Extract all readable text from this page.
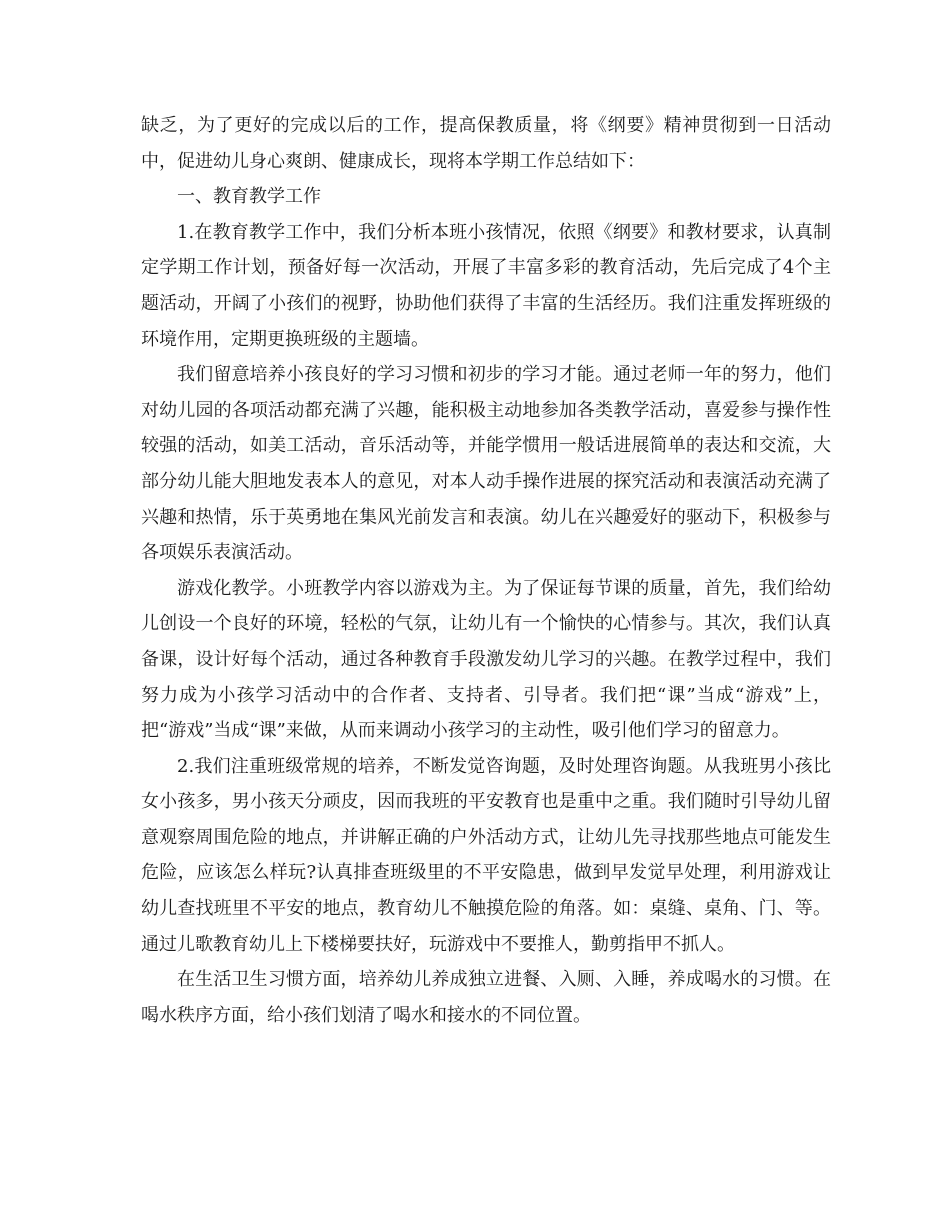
缺乏，为了更好的完成以后的工作，提高保教质量，将《纲要》精神贯彻到一日活动中，促进幼儿身心爽朗、健康成长，现将本学期工作总结如下：

一、教育教学工作

1.在教育教学工作中，我们分析本班小孩情况，依照《纲要》和教材要求，认真制定学期工作计划，预备好每一次活动，开展了丰富多彩的教育活动，先后完成了4个主题活动，开阔了小孩们的视野，协助他们获得了丰富的生活经历。我们注重发挥班级的环境作用，定期更换班级的主题墙。

我们留意培养小孩良好的学习习惯和初步的学习才能。通过老师一年的努力，他们对幼儿园的各项活动都充满了兴趣，能积极主动地参加各类教学活动，喜爱参与操作性较强的活动，如美工活动，音乐活动等，并能学惯用一般话进展简单的表达和交流，大部分幼儿能大胆地发表本人的意见，对本人动手操作进展的探究活动和表演活动充满了兴趣和热情，乐于英勇地在集风光前发言和表演。幼儿在兴趣爱好的驱动下，积极参与各项娱乐表演活动。

游戏化教学。小班教学内容以游戏为主。为了保证每节课的质量，首先，我们给幼儿创设一个良好的环境，轻松的气氛，让幼儿有一个愉快的心情参与。其次，我们认真备课，设计好每个活动，通过各种教育手段激发幼儿学习的兴趣。在教学过程中，我们努力成为小孩学习活动中的合作者、支持者、引导者。我们把“课”当成“游戏”上，把“游戏”当成“课”来做，从而来调动小孩学习的主动性，吸引他们学习的留意力。

2.我们注重班级常规的培养，不断发觉咨询题，及时处理咨询题。从我班男小孩比女小孩多，男小孩天分顽皮，因而我班的平安教育也是重中之重。我们随时引导幼儿留意观察周围危险的地点，并讲解正确的户外活动方式，让幼儿先寻找那些地点可能发生危险，应该怎么样玩?认真排查班级里的不平安隐患，做到早发觉早处理，利用游戏让幼儿查找班里不平安的地点，教育幼儿不触摸危险的角落。如：桌缝、桌角、门、等。通过儿歌教育幼儿上下楼梯要扶好，玩游戏中不要推人，勤剪指甲不抓人。

在生活卫生习惯方面，培养幼儿养成独立进餐、入厕、入睡，养成喝水的习惯。在喝水秩序方面，给小孩们划清了喝水和接水的不同位置。
